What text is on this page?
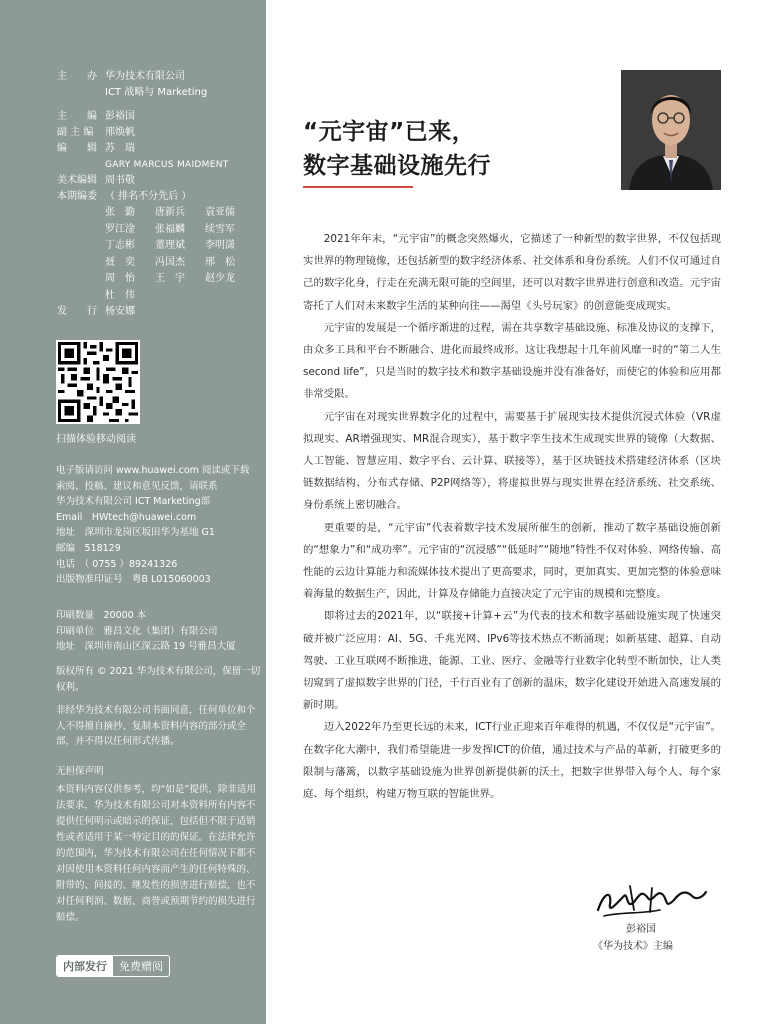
主　　办 华为技术有限公司
ICT 战略与 Marketing
主　　编 彭裕国
副 主 编	邢焕帆
编　　辑 苏　瑞
GARY MARCUS MAIDMENT
美术编辑 周书敬
本期编委 （ 排名不分先后 ）
张　勤	唐新兵	袁亚儒
罗江淦	张福麟	续雪军
丁志彬	董理斌	李明潇
聂　奕	冯国杰	邢　松
周　怡	王　宇	赵少龙
杜　伟
发　　行 杨安娜
扫描体验移动阅读
电子版请访问 www.huawei.com 阅读或下载
索阅、投稿、建议和意见反馈，请联系
华为技术有限公司 ICT Marketing部
Email　HWtech@huawei.com
地址　深圳市龙岗区坂田华为基地 G1
邮编　518129
电话　（ 0755 ）89241326
出版物准印证号　粤B L015060003
印刷数量　20000 本
印刷单位　雅昌文化（集团）有限公司
地址　深圳市南山区深云路 19 号雅昌大厦
版权所有 © 2021 华为技术有限公司，保留一切权利。
非经华为技术有限公司书面同意，任何单位和个人不得擅自摘抄、复制本资料内容的部分或全部，并不得以任何形式传播。
无担保声明
本资料内容仅供参考，均“如是”提供，除非适用法要求，华为技术有限公司对本资料所有内容不提供任何明示或暗示的保证，包括但不限于适销性或者适用于某一特定目的的保证。在法律允许的范围内，华为技术有限公司在任何情况下都不对因使用本资料任何内容而产生的任何特殊的、附带的、间接的、继发性的损害进行赔偿，也不对任何利润、数据、商誉或预期节约的损失进行赔偿。
内部发行	免费赠阅
“元宇宙”已来，
数字基础设施先行

2021年年末，“元宇宙”的概念突然爆火，它描述了一种新型的数字世界，不仅包括现实世界的物理镜像，还包括新型的数字经济体系、社交体系和身份系统。人们不仅可通过自己的数字化身，行走在充满无限可能的空间里，还可以对数字世界进行创意和改造。元宇宙寄托了人们对未来数字生活的某种向往——渴望《头号玩家》的创意能变成现实。

元宇宙的发展是一个循序渐进的过程，需在共享数字基础设施、标准及协议的支撑下，由众多工具和平台不断融合、进化而最终成形。这让我想起十几年前风靡一时的“第二人生second life”，只是当时的数字技术和数字基础设施并没有准备好，而使它的体验和应用都非常受限。

元宇宙在对现实世界数字化的过程中，需要基于扩展现实技术提供沉浸式体验（VR虚拟现实、AR增强现实、MR混合现实），基于数字孪生技术生成现实世界的镜像（大数据、人工智能、智慧应用、数字平台、云计算、联接等），基于区块链技术搭建经济体系（区块链数据结构、分布式存储、P2P网络等），将虚拟世界与现实世界在经济系统、社交系统、身份系统上密切融合。

更重要的是，“元宇宙”代表着数字技术发展所催生的创新，推动了数字基础设施创新的“想象力”和“成功率”。元宇宙的“沉浸感”“低延时”“随地”特性不仅对体验、网络传输、高性能的云边计算能力和流媒体技术提出了更高要求，同时，更加真实、更加完整的体验意味着海量的数据生产，因此，计算及存储能力直接决定了元宇宙的规模和完整度。

即将过去的2021年，以“联接+计算+云”为代表的技术和数字基础设施实现了快速突破并被广泛应用：AI、5G、千兆光网、IPv6等技术热点不断涌现；如新基建、超算、自动驾驶、工业互联网不断推进，能源、工业、医疗、金融等行业数字化转型不断加快，让人类切窥到了虚拟数字世界的门径，千行百业有了创新的温床，数字化建设开始进入高速发展的新时期。

迈入2022年乃至更长远的未来，ICT行业正迎来百年难得的机遇，不仅仅是“元宇宙”。在数字化大潮中，我们希望能进一步发挥ICT的价值，通过技术与产品的革新，打破更多的限制与藩篱，以数字基础设施为世界创新提供新的沃土，把数字世界带入每个人、每个家庭、每个组织，构建万物互联的智能世界。

彭裕国
《华为技术》主编
